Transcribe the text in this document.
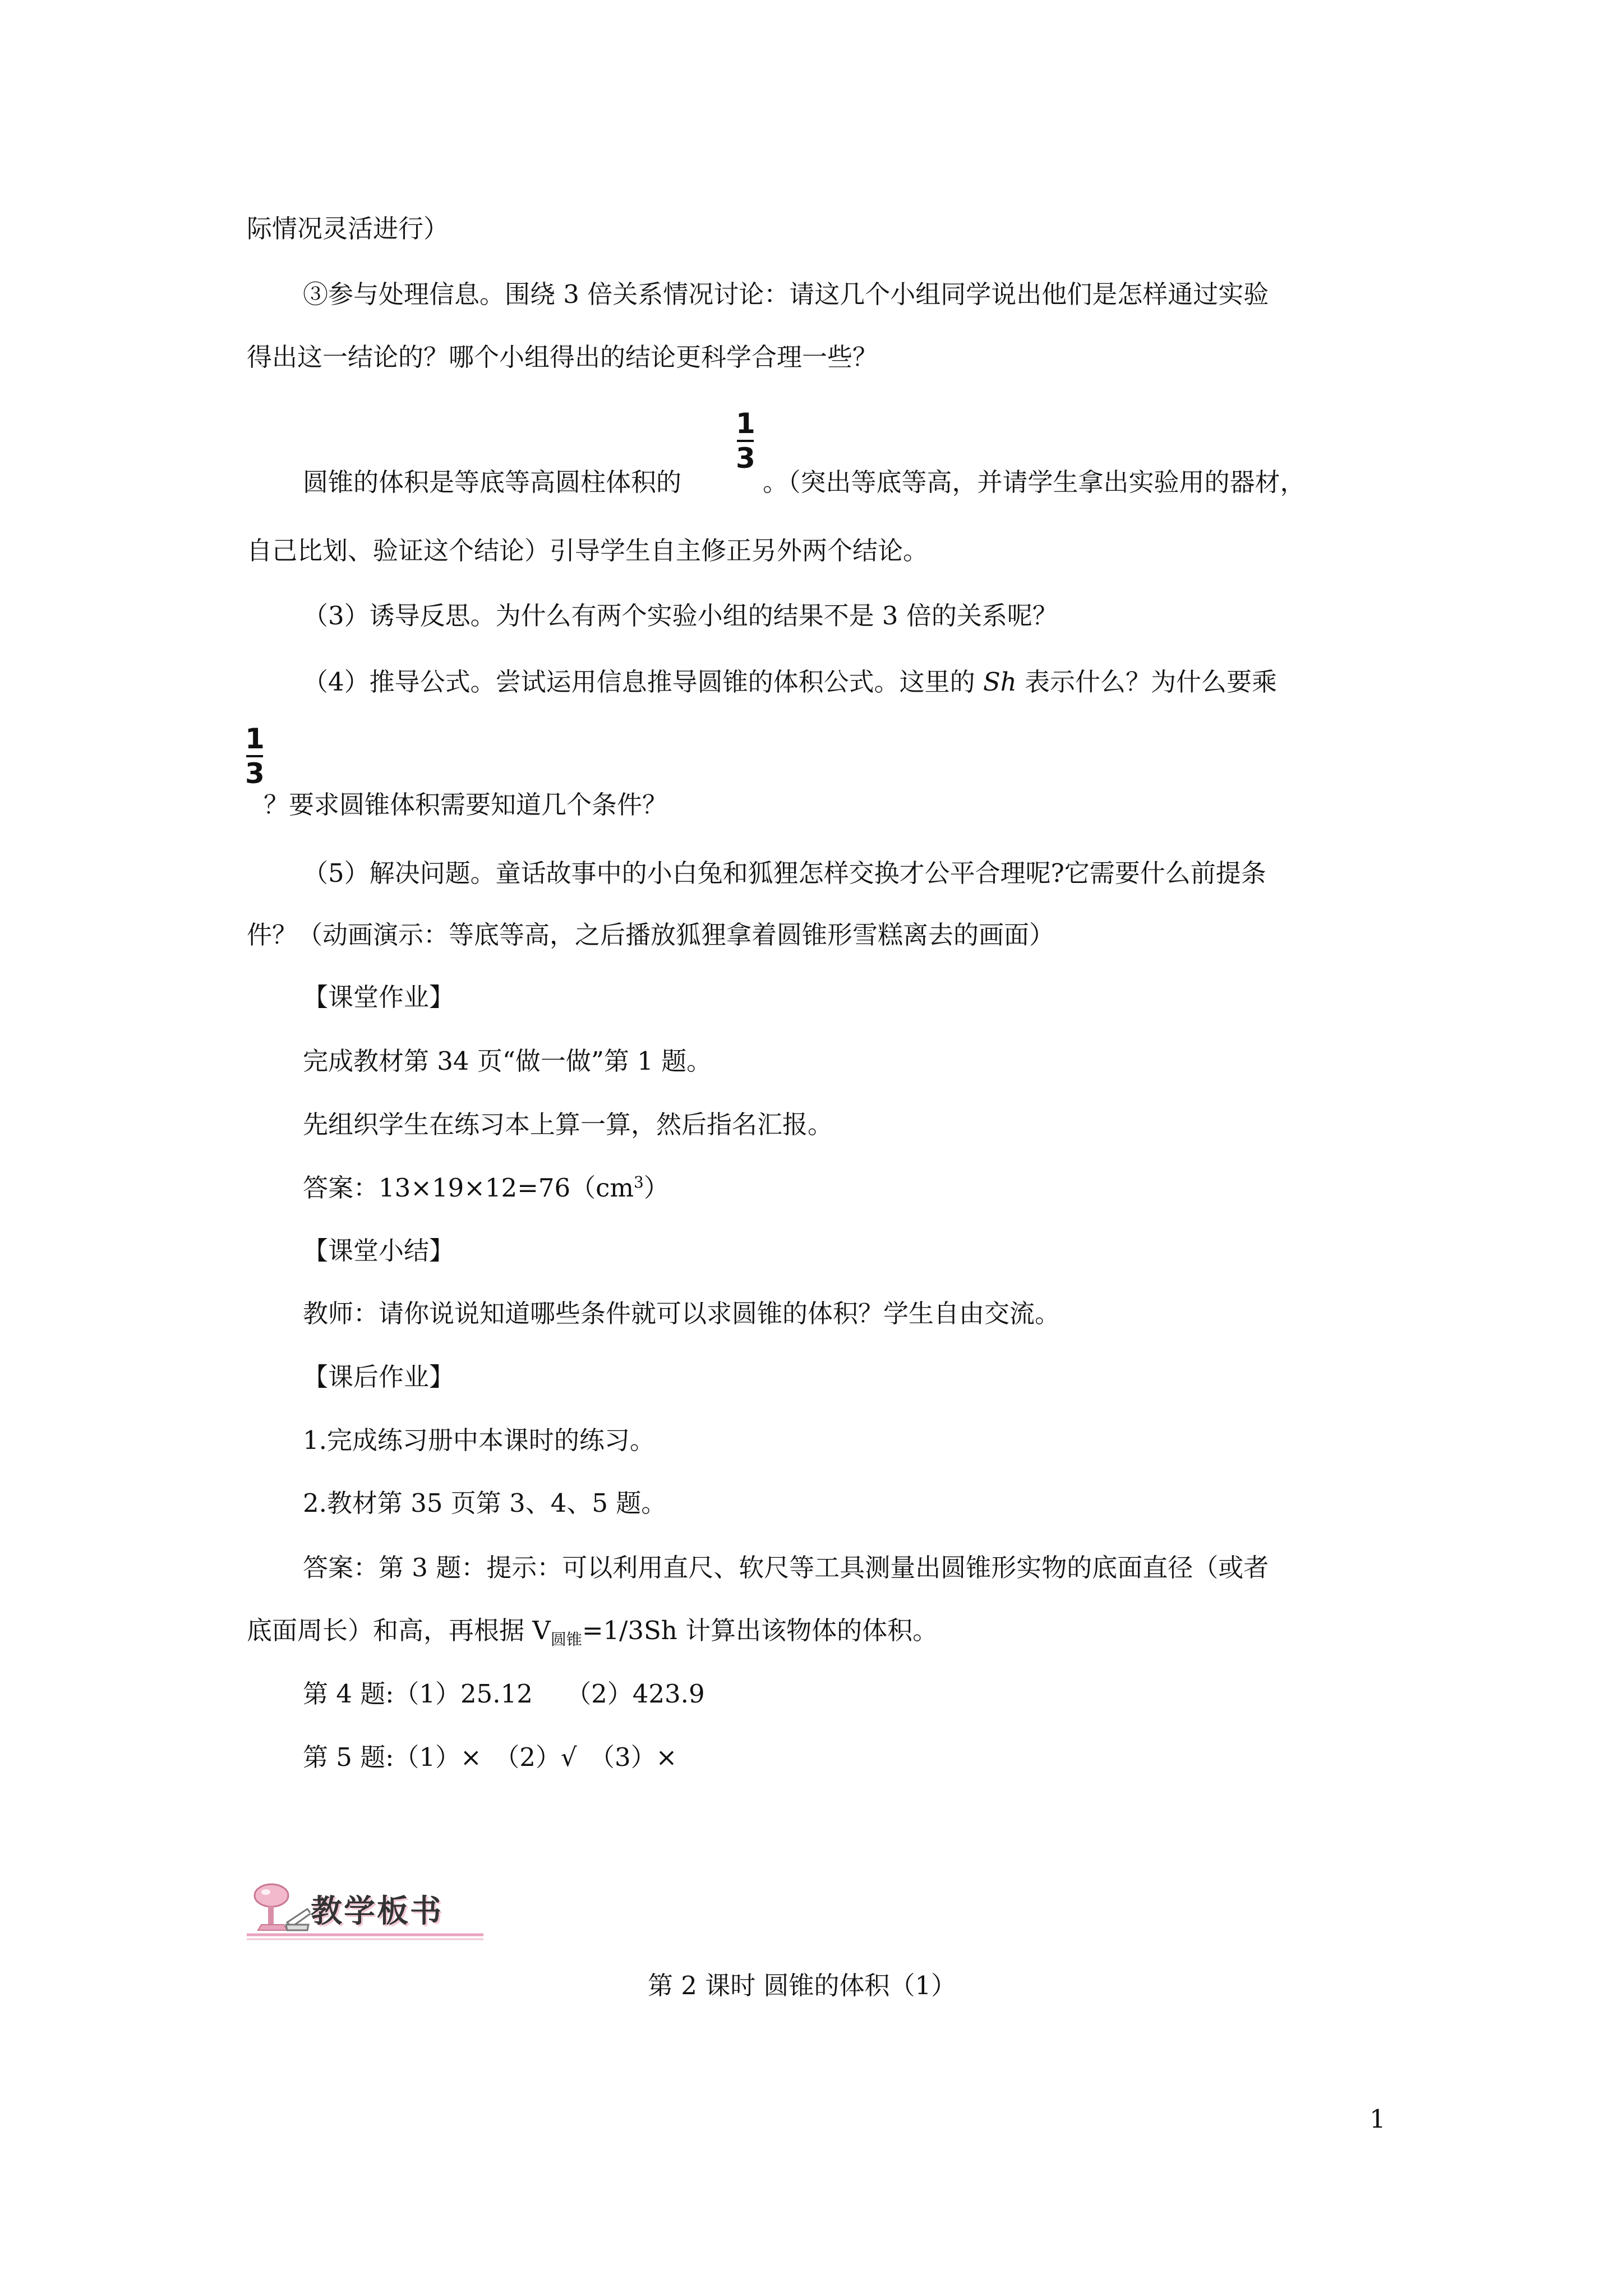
际情况灵活进行）
③参与处理信息。围绕 3 倍关系情况讨论：请这几个小组同学说出他们是怎样通过实验
得出这一结论的？哪个小组得出的结论更科学合理一些？
圆锥的体积是等底等高圆柱体积的
1
3
。（突出等底等高，并请学生拿出实验用的器材，
自己比划、验证这个结论）引导学生自主修正另外两个结论。
（3）诱导反思。为什么有两个实验小组的结果不是 3 倍的关系呢？
（4）推导公式。尝试运用信息推导圆锥的体积公式。这里的 Sh 表示什么？为什么要乘
1
3
？要求圆锥体积需要知道几个条件？
（5）解决问题。童话故事中的小白兔和狐狸怎样交换才公平合理呢?它需要什么前提条
件？（动画演示：等底等高，之后播放狐狸拿着圆锥形雪糕离去的画面）
【课堂作业】
完成教材第 34 页“做一做”第 1 题。
先组织学生在练习本上算一算，然后指名汇报。
答案：$13\times 19\times 12=76(cm^3)$
【课堂小结】
教师：请你说说知道哪些条件就可以求圆锥的体积？学生自由交流。
【课后作业】
1.完成练习册中本课时的练习。
2.教材第 35 页第 3、4、5 题。
答案：第 3 题：提示：可以利用直尺、软尺等工具测量出圆锥形实物的底面直径（或者
底面周长）和高，再根据 $V_{圆锥}=1/3Sh$ 计算出该物体的体积。
第 4 题:（1）25.12　 （2）423.9
第 5 题:（1）×　（2）√　（3）×
教学板书
第 2 课时 圆锥的体积（1）
1
